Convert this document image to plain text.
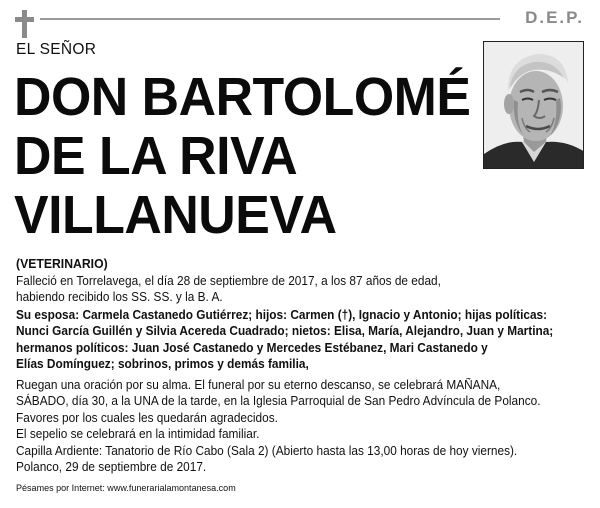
D.E.P.
EL SEÑOR
DON BARTOLOMÉ
DE LA RIVA
VILLANUEVA
(VETERINARIO)
Falleció en Torrelavega, el día 28 de septiembre de 2017, a los 87 años de edad,
habiendo recibido los SS. SS. y la B. A.
Su esposa: Carmela Castanedo Gutiérrez; hijos: Carmen (†), Ignacio y Antonio; hijas políticas:
Nunci García Guillén y Silvia Acereda Cuadrado; nietos: Elisa, María, Alejandro, Juan y Martina;
hermanos políticos: Juan José Castanedo y Mercedes Estébanez, Mari Castanedo y
Elías Domínguez; sobrinos, primos y demás familia,
Ruegan una oración por su alma. El funeral por su eterno descanso, se celebrará MAÑANA,
SÁBADO, día 30, a la UNA de la tarde, en la Iglesia Parroquial de San Pedro Advíncula de Polanco.
Favores por los cuales les quedarán agradecidos.
El sepelio se celebrará en la intimidad familiar.
Capilla Ardiente: Tanatorio de Río Cabo (Sala 2) (Abierto hasta las 13,00 horas de hoy viernes).
Polanco, 29 de septiembre de 2017.
Pésames por Internet: www.funerarialamontanesa.com
